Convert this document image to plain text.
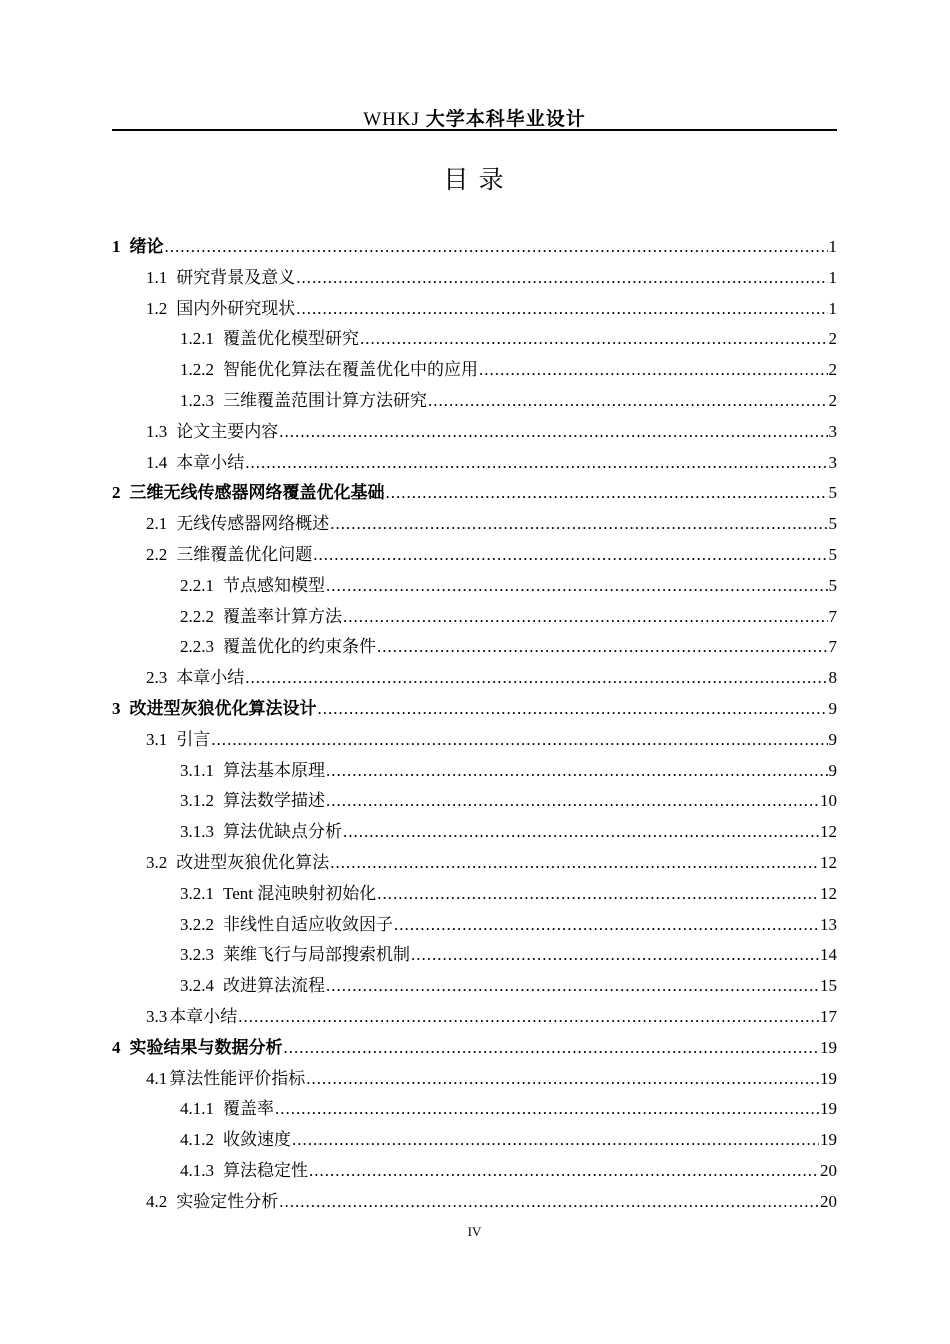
WHKJ 大学本科毕业设计
目 录
1 绪论 .....	1
1.1 研究背景及意义 .....	1
1.2 国内外研究现状 .....	1
1.2.1 覆盖优化模型研究 .....	2
1.2.2 智能优化算法在覆盖优化中的应用 .....	2
1.2.3 三维覆盖范围计算方法研究 .....	2
1.3 论文主要内容 .....	3
1.4 本章小结 .....	3
2 三维无线传感器网络覆盖优化基础 .....	5
2.1 无线传感器网络概述 .....	5
2.2 三维覆盖优化问题 .....	5
2.2.1 节点感知模型 .....	5
2.2.2 覆盖率计算方法 .....	7
2.2.3 覆盖优化的约束条件 .....	7
2.3 本章小结 .....	8
3 改进型灰狼优化算法设计 .....	9
3.1 引言 .....	9
3.1.1 算法基本原理 .....	9
3.1.2 算法数学描述 .....	10
3.1.3 算法优缺点分析 .....	12
3.2 改进型灰狼优化算法 .....	12
3.2.1 Tent 混沌映射初始化 .....	12
3.2.2 非线性自适应收敛因子 .....	13
3.2.3 莱维飞行与局部搜索机制 .....	14
3.2.4 改进算法流程 .....	15
3.3 本章小结 .....	17
4 实验结果与数据分析 .....	19
4.1 算法性能评价指标 .....	19
4.1.1 覆盖率 .....	19
4.1.2 收敛速度 .....	19
4.1.3 算法稳定性 .....	20
4.2 实验定性分析 .....	20
IV
